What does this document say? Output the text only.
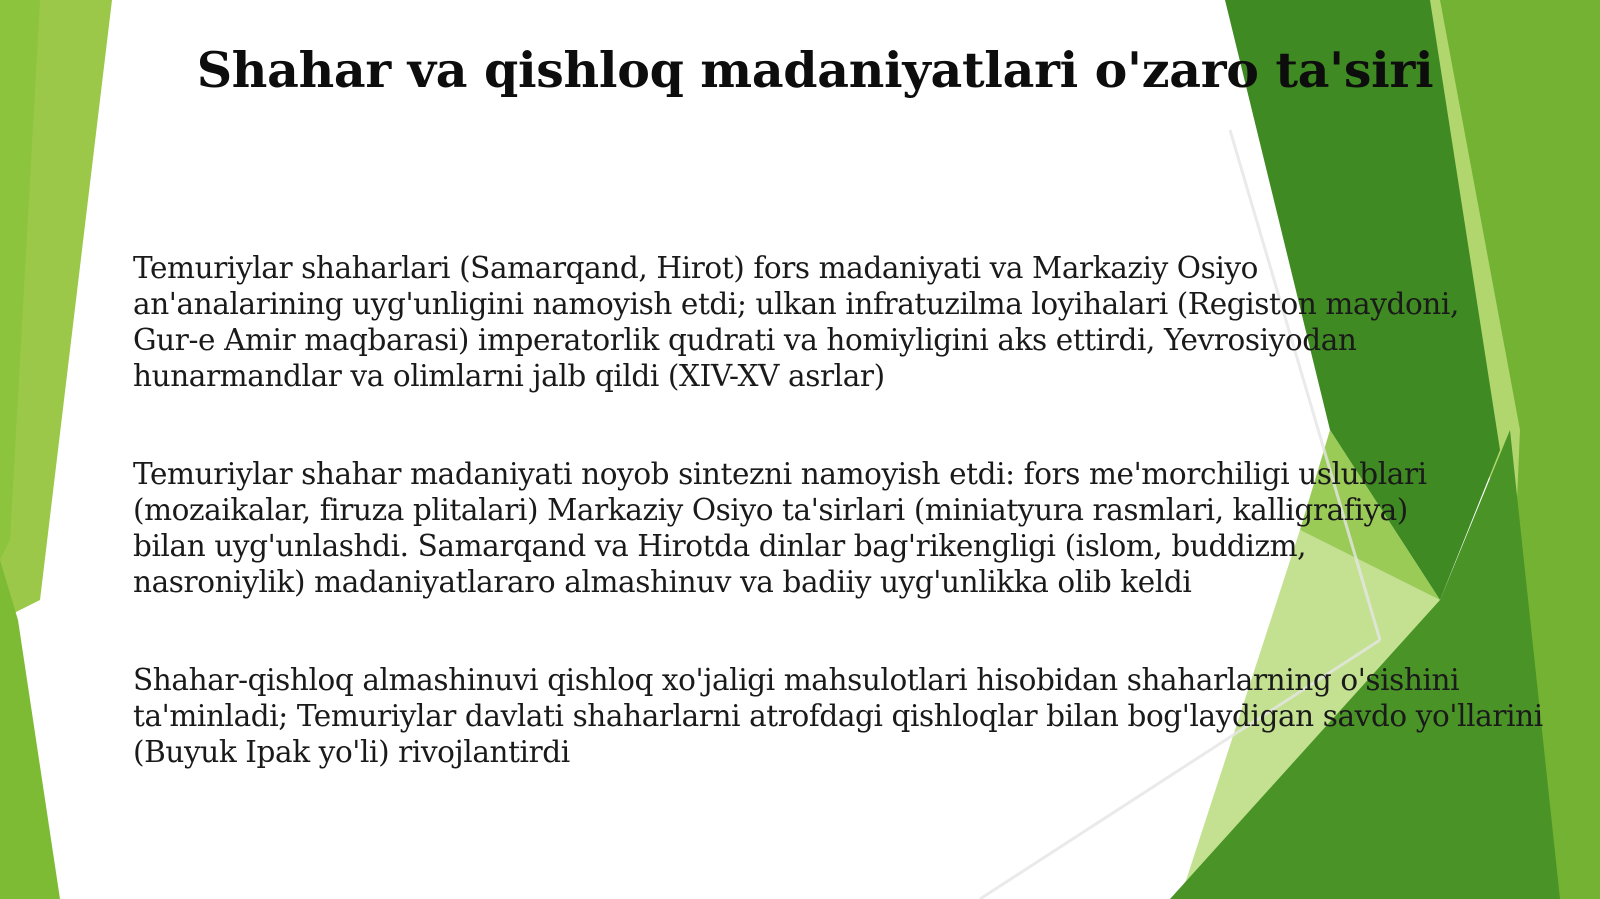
Shahar va qishloq madaniyatlari o'zaro ta'siri

Temuriylar shaharlari (Samarqand, Hirot) fors madaniyati va Markaziy Osiyo an'analarining uyg'unligini namoyish etdi; ulkan infratuzilma loyihalari (Registon maydoni, Gur-e Amir maqbarasi) imperatorlik qudrati va homiyligini aks ettirdi, Yevrosiyodan hunarmandlar va olimlarni jalb qildi (XIV-XV asrlar)

Temuriylar shahar madaniyati noyob sintezni namoyish etdi: fors me'morchiligi uslublari (mozaikalar, firuza plitalari) Markaziy Osiyo ta'sirlari (miniatyura rasmlari, kalligrafiya) bilan uyg'unlashdi. Samarqand va Hirotda dinlar bag'rikengligi (islom, buddizm, nasroniylik) madaniyatlararo almashinuv va badiiy uyg'unlikka olib keldi

Shahar-qishloq almashinuvi qishloq xo'jaligi mahsulotlari hisobidan shaharlarning o'sishini ta'minladi; Temuriylar davlati shaharlarni atrofdagi qishloqlar bilan bog'laydigan savdo yo'llarini (Buyuk Ipak yo'li) rivojlantirdi
